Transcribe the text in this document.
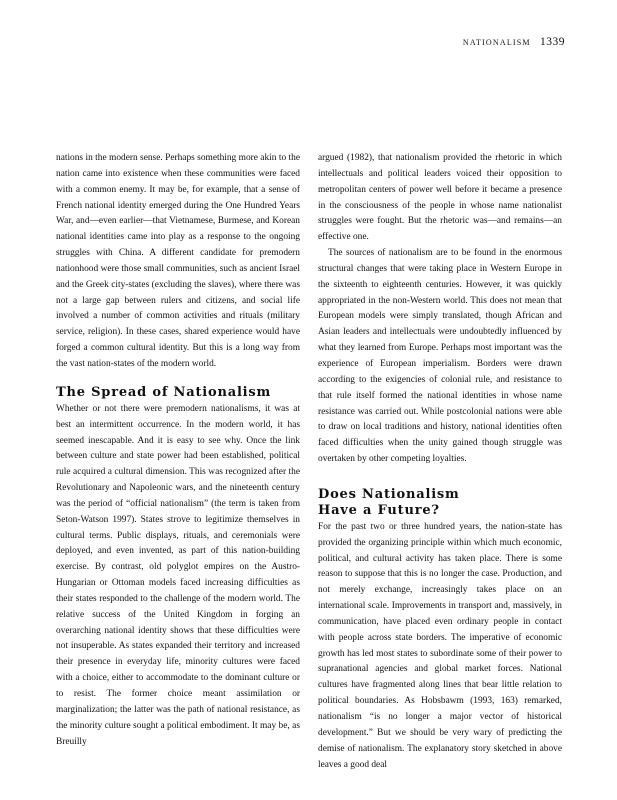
nationalism 1339

nations in the modern sense. Perhaps something more akin to the nation came into existence when these communities were faced with a common enemy. It may be, for example, that a sense of French national identity emerged during the One Hundred Years War, and—even earlier—that Vietnamese, Burmese, and Korean national identities came into play as a response to the ongoing struggles with China. A different candidate for premodern nationhood were those small communities, such as ancient Israel and the Greek city-states (excluding the slaves), where there was not a large gap between rulers and citizens, and social life involved a number of common activities and rituals (military service, religion). In these cases, shared experience would have forged a common cultural identity. But this is a long way from the vast nation-states of the modern world.

The Spread of Nationalism

Whether or not there were premodern nationalisms, it was at best an intermittent occurrence. In the modern world, it has seemed inescapable. And it is easy to see why. Once the link between culture and state power had been established, political rule acquired a cultural dimension. This was recognized after the Revolutionary and Napoleonic wars, and the nineteenth century was the period of “official nationalism” (the term is taken from Seton-Watson 1997). States strove to legitimize themselves in cultural terms. Public displays, rituals, and ceremonials were deployed, and even invented, as part of this nation-building exercise. By contrast, old polyglot empires on the Austro-Hungarian or Ottoman models faced increasing difficulties as their states responded to the challenge of the modern world. The relative success of the United Kingdom in forging an overarching national identity shows that these difficulties were not insuperable. As states expanded their territory and increased their presence in everyday life, minority cultures were faced with a choice, either to accommodate to the dominant culture or to resist. The former choice meant assimilation or marginalization; the latter was the path of national resistance, as the minority culture sought a political embodiment. It may be, as Breuilly

argued (1982), that nationalism provided the rhetoric in which intellectuals and political leaders voiced their opposition to metropolitan centers of power well before it became a presence in the consciousness of the people in whose name nationalist struggles were fought. But the rhetoric was—and remains—an effective one.

The sources of nationalism are to be found in the enormous structural changes that were taking place in Western Europe in the sixteenth to eighteenth centuries. However, it was quickly appropriated in the non-Western world. This does not mean that European models were simply translated, though African and Asian leaders and intellectuals were undoubtedly influenced by what they learned from Europe. Perhaps most important was the experience of European imperialism. Borders were drawn according to the exigencies of colonial rule, and resistance to that rule itself formed the national identities in whose name resistance was carried out. While postcolonial nations were able to draw on local traditions and history, national identities often faced difficulties when the unity gained though struggle was overtaken by other competing loyalties.

Does Nationalism
Have a Future?

For the past two or three hundred years, the nation-state has provided the organizing principle within which much economic, political, and cultural activity has taken place. There is some reason to suppose that this is no longer the case. Production, and not merely exchange, increasingly takes place on an international scale. Improvements in transport and, massively, in communication, have placed even ordinary people in contact with people across state borders. The imperative of economic growth has led most states to subordinate some of their power to supranational agencies and global market forces. National cultures have fragmented along lines that bear little relation to political boundaries. As Hobsbawm (1993, 163) remarked, nationalism “is no longer a major vector of historical development.” But we should be very wary of predicting the demise of nationalism. The explanatory story sketched in above leaves a good deal
